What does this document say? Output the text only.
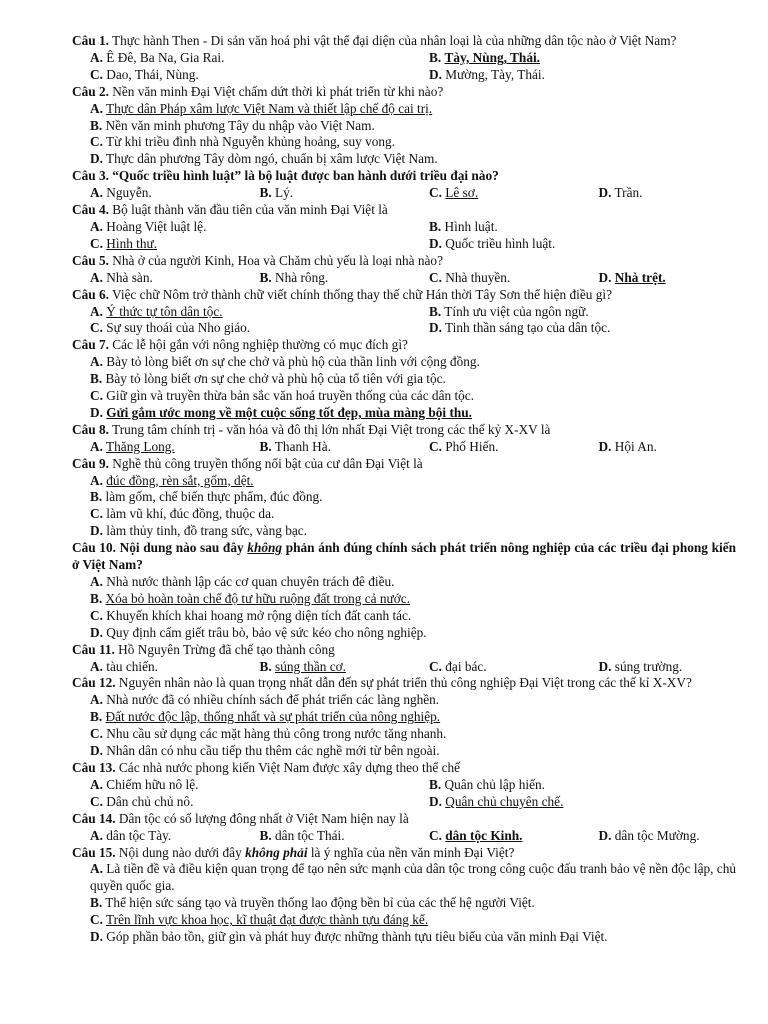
Câu 1. Thực hành Then - Di sản văn hoá phi vật thể đại diện của nhân loại là của những dân tộc nào ở Việt Nam?

A. Ê Đê, Ba Na, Gia Rai.	B. Tày, Nùng, Thái.
C. Dao, Thái, Nùng.	D. Mường, Tày, Thái.

Câu 2. Nền văn minh Đại Việt chấm dứt thời kì phát triển từ khi nào?

A. Thực dân Pháp xâm lược Việt Nam và thiết lập chế độ cai trị.
B. Nền văn minh phương Tây du nhập vào Việt Nam.
C. Từ khi triều đình nhà Nguyễn khủng hoảng, suy vong.
D. Thực dân phương Tây dòm ngó, chuẩn bị xâm lược Việt Nam.

Câu 3. “Quốc triều hình luật” là bộ luật được ban hành dưới triều đại nào?

A. Nguyễn.	B. Lý.	C. Lê sơ.	D. Trần.

Câu 4. Bộ luật thành văn đầu tiên của văn minh Đại Việt là

A. Hoàng Việt luật lệ.	B. Hình luật.
C. Hình thư.	D. Quốc triều hình luật.

Câu 5. Nhà ở của người Kinh, Hoa và Chăm chủ yếu là loại nhà nào?

A. Nhà sàn.	B. Nhà rông.	C. Nhà thuyền.	D. Nhà trệt.

Câu 6. Việc chữ Nôm trở thành chữ viết chính thống thay thế chữ Hán thời Tây Sơn thể hiện điều gì?

A. Ý thức tự tôn dân tộc.	B. Tính ưu việt của ngôn ngữ.
C. Sự suy thoái của Nho giáo.	D. Tinh thần sáng tạo của dân tộc.

Câu 7. Các lễ hội gắn với nông nghiệp thường có mục đích gì?

A. Bày tỏ lòng biết ơn sự che chở và phù hộ của thần linh với cộng đồng.
B. Bày tỏ lòng biết ơn sự che chở và phù hộ của tổ tiên với gia tộc.
C. Giữ gìn và truyền thừa bản sắc văn hoá truyền thống của các dân tộc.
D. Gửi gắm ước mong về một cuộc sống tốt đẹp, mùa màng bội thu.

Câu 8. Trung tâm chính trị - văn hóa và đô thị lớn nhất Đại Việt trong các thế kỷ X-XV là

A. Thăng Long.	B. Thanh Hà.	C. Phố Hiến.	D. Hội An.

Câu 9. Nghề thủ công truyền thống nổi bật của cư dân Đại Việt là

A. đúc đồng, rèn sắt, gốm, dệt.
B. làm gốm, chế biến thực phẩm, đúc đồng.
C. làm vũ khí, đúc đồng, thuộc da.
D. làm thủy tinh, đồ trang sức, vàng bạc.

Câu 10. Nội dung nào sau đây không phản ánh đúng chính sách phát triển nông nghiệp của các triều đại phong kiến ở Việt Nam?

A. Nhà nước thành lập các cơ quan chuyên trách đê điều.
B. Xóa bỏ hoàn toàn chế độ tư hữu ruộng đất trong cả nước.
C. Khuyến khích khai hoang mở rộng diện tích đất canh tác.
D. Quy định cấm giết trâu bò, bảo vệ sức kéo cho nông nghiệp.

Câu 11. Hồ Nguyên Trừng đã chế tạo thành công

A. tàu chiến.	B. súng thần cơ.	C. đại bác.	D. súng trường.

Câu 12. Nguyên nhân nào là quan trọng nhất dẫn đến sự phát triển thủ công nghiệp Đại Việt trong các thế kỉ X-XV?

A. Nhà nước đã có nhiều chính sách để phát triển các làng nghền.
B. Đất nước độc lập, thống nhất và sự phát triển của nông nghiệp.
C. Nhu cầu sử dụng các mặt hàng thủ công trong nước tăng nhanh.
D. Nhân dân có nhu cầu tiếp thu thêm các nghề mới từ bên ngoài.

Câu 13. Các nhà nước phong kiến Việt Nam được xây dựng theo thể chế

A. Chiếm hữu nô lệ.	B. Quân chủ lập hiến.
C. Dân chủ chủ nô.	D. Quân chủ chuyên chế.

Câu 14. Dân tộc có số lượng đông nhất ở Việt Nam hiện nay là

A. dân tộc Tày.	B. dân tộc Thái.	C. dân tộc Kinh.	D. dân tộc Mường.

Câu 15. Nội dung nào dưới đây không phải là ý nghĩa của nền văn minh Đại Việt?

A. Là tiền đề và điều kiện quan trọng để tạo nên sức mạnh của dân tộc trong công cuộc đấu tranh bảo vệ nền độc lập, chủ quyền quốc gia.
B. Thể hiện sức sáng tạo và truyền thống lao động bền bỉ của các thế hệ người Việt.
C. Trên lĩnh vực khoa học, kĩ thuật đạt được thành tựu đáng kể.
D. Góp phần bảo tồn, giữ gìn và phát huy được những thành tựu tiêu biểu của văn minh Đại Việt.
